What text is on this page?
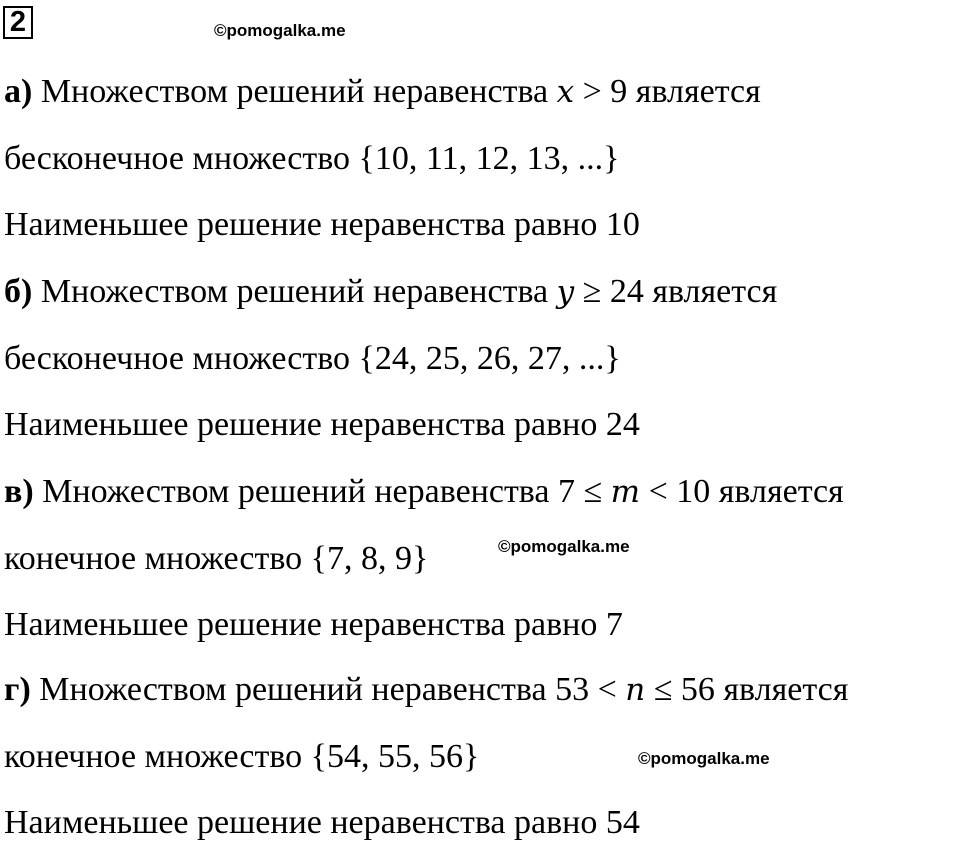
2	©pomogalka.me
©pomogalka.me
©pomogalka.me
а) Множеством решений неравенства x > 9 является
бесконечное множество {10, 11, 12, 13, ...}
Наименьшее решение неравенства равно 10
б) Множеством решений неравенства y ≥ 24 является
бесконечное множество {24, 25, 26, 27, ...}
Наименьшее решение неравенства равно 24
в) Множеством решений неравенства 7 ≤ m < 10 является
конечное множество {7, 8, 9}
Наименьшее решение неравенства равно 7
г) Множеством решений неравенства 53 < n ≤ 56 является
конечное множество {54, 55, 56}
Наименьшее решение неравенства равно 54
